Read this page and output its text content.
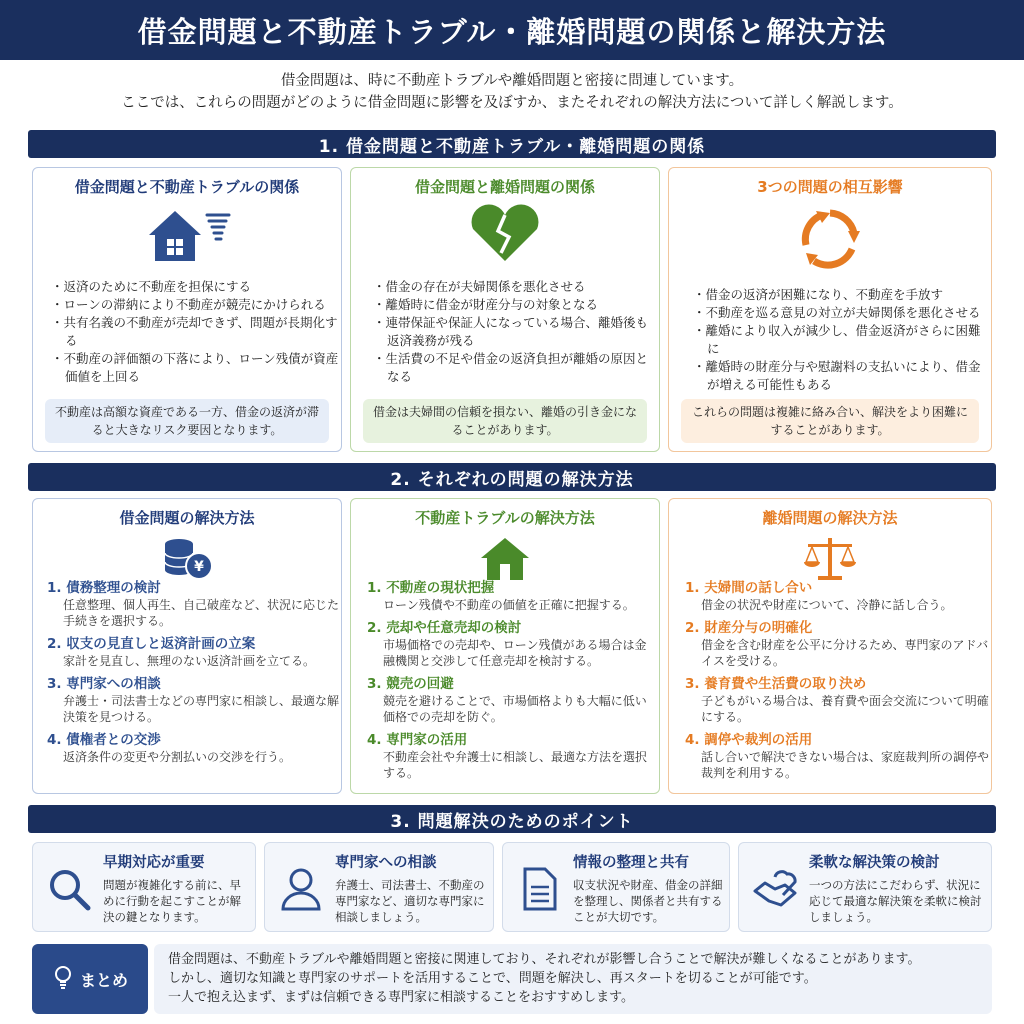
借金問題と不動産トラブル・離婚問題の関係と解決方法
借金問題は、時に不動産トラブルや離婚問題と密接に問連しています。
ここでは、これらの問題がどのように借金問題に影響を及ぼすか、またそれぞれの解決方法について詳しく解説します。
1. 借金問題と不動産トラブル・離婚問題の関係
借金問題と不動産トラブルの関係
・返済のために不動産を担保にする
・ローンの滞納により不動産が競売にかけられる
・共有名義の不動産が売却できず、問題が長期化する
・不動産の評価額の下落により、ローン残債が資産価値を上回る
不動産は高額な資産である一方、借金の返済が滞ると大きなリスク要因となります。
借金問題と離婚問題の関係
・借金の存在が夫婦関係を悪化させる
・離婚時に借金が財産分与の対象となる
・連帯保証や保証人になっている場合、離婚後も返済義務が残る
・生活費の不足や借金の返済負担が離婚の原因となる
借金は夫婦間の信頼を損ない、離婚の引き金になることがあります。
3つの問題の相互影響
・借金の返済が困難になり、不動産を手放す
・不動産を巡る意見の対立が夫婦関係を悪化させる
・離婚により収入が減少し、借金返済がさらに困難に
・離婚時の財産分与や慰謝料の支払いにより、借金が増える可能性もある
これらの問題は複雑に絡み合い、解決をより困難にすることがあります。
2. それぞれの問題の解決方法
借金問題の解決方法
¥
1. 債務整理の検討
任意整理、個人再生、自己破産など、状況に応じた手続きを選択する。
2. 収支の見直しと返済計画の立案
家計を見直し、無理のない返済計画を立てる。
3. 専門家への相談
弁護士・司法書士などの専門家に相談し、最適な解決策を見つける。
4. 債権者との交渉
返済条件の変更や分割払いの交渉を行う。
不動産トラブルの解決方法
1. 不動産の現状把握
ローン残債や不動産の価値を正確に把握する。
2. 売却や任意売却の検討
市場価格での売却や、ローン残債がある場合は金融機関と交渉して任意売却を検討する。
3. 競売の回避
競売を避けることで、市場価格よりも大幅に低い価格での売却を防ぐ。
4. 専門家の活用
不動産会社や弁護士に相談し、最適な方法を選択する。
離婚問題の解決方法
1. 夫婦間の話し合い
借金の状況や財産について、冷静に話し合う。
2. 財産分与の明確化
借金を含む財産を公平に分けるため、専門家のアドバイスを受ける。
3. 養育費や生活費の取り決め
子どもがいる場合は、養育費や面会交流について明確にする。
4. 調停や裁判の活用
話し合いで解決できない場合は、家庭裁判所の調停や裁判を利用する。
3. 問題解決のためのポイント
早期対応が重要
問題が複雑化する前に、早めに行動を起こすことが解決の鍵となります。
専門家への相談
弁護士、司法書士、不動産の専門家など、適切な専門家に相談しましょう。
情報の整理と共有
収支状況や財産、借金の詳細を整理し、関係者と共有することが大切です。
柔軟な解決策の検討
一つの方法にこだわらず、状況に応じて最適な解決策を柔軟に検討しましょう。
まとめ
借金問題は、不動産トラブルや離婚問題と密接に関連しており、それぞれが影響し合うことで解決が難しくなることがあります。
しかし、適切な知識と専門家のサポートを活用することで、問題を解決し、再スタートを切ることが可能です。
一人で抱え込まず、まずは信頼できる専門家に相談することをおすすめします。
